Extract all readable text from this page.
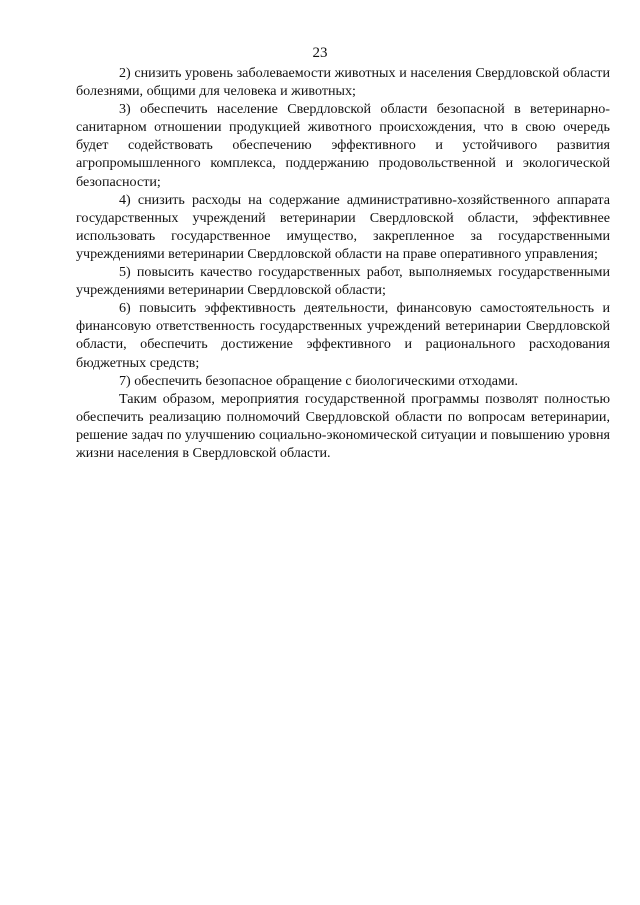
23

2) снизить уровень заболеваемости животных и населения Свердловской области болезнями, общими для человека и животных;

3) обеспечить население Свердловской области безопасной в ветеринарно-санитарном отношении продукцией животного происхождения, что в свою очередь будет содействовать обеспечению эффективного и устойчивого развития агропромышленного комплекса, поддержанию продовольственной и экологической безопасности;

4) снизить расходы на содержание административно-хозяйственного аппарата государственных учреждений ветеринарии Свердловской области, эффективнее использовать государственное имущество, закрепленное за государственными учреждениями ветеринарии Свердловской области на праве оперативного управления;

5) повысить качество государственных работ, выполняемых государственными учреждениями ветеринарии Свердловской области;

6) повысить эффективность деятельности, финансовую самостоятельность и финансовую ответственность государственных учреждений ветеринарии Свердловской области, обеспечить достижение эффективного и рационального расходования бюджетных средств;

7) обеспечить безопасное обращение с биологическими отходами.

Таким образом, мероприятия государственной программы позволят полностью обеспечить реализацию полномочий Свердловской области по вопросам ветеринарии, решение задач по улучшению социально-экономической ситуации и повышению уровня жизни населения в Свердловской области.
